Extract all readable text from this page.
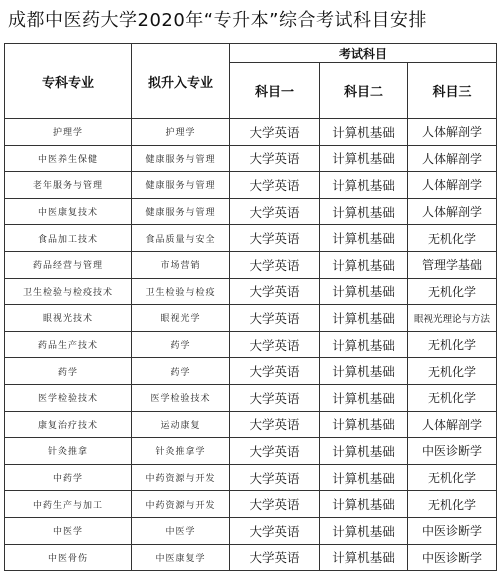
成都中医药大学2020年“专升本”综合考试科目安排
专科专业	拟升入专业	考试科目		
		科目一	科目二	科目三
护理学	护理学	大学英语	计算机基础	人体解剖学
中医养生保健	健康服务与管理	大学英语	计算机基础	人体解剖学
老年服务与管理	健康服务与管理	大学英语	计算机基础	人体解剖学
中医康复技术	健康服务与管理	大学英语	计算机基础	人体解剖学
食品加工技术	食品质量与安全	大学英语	计算机基础	无机化学
药品经营与管理	市场营销	大学英语	计算机基础	管理学基础
卫生检验与检疫技术	卫生检验与检疫	大学英语	计算机基础	无机化学
眼视光技术	眼视光学	大学英语	计算机基础	眼视光理论与方法
药品生产技术	药学	大学英语	计算机基础	无机化学
药学	药学	大学英语	计算机基础	无机化学
医学检验技术	医学检验技术	大学英语	计算机基础	无机化学
康复治疗技术	运动康复	大学英语	计算机基础	人体解剖学
针灸推拿	针灸推拿学	大学英语	计算机基础	中医诊断学
中药学	中药资源与开发	大学英语	计算机基础	无机化学
中药生产与加工	中药资源与开发	大学英语	计算机基础	无机化学
中医学	中医学	大学英语	计算机基础	中医诊断学
中医骨伤	中医康复学	大学英语	计算机基础	中医诊断学
